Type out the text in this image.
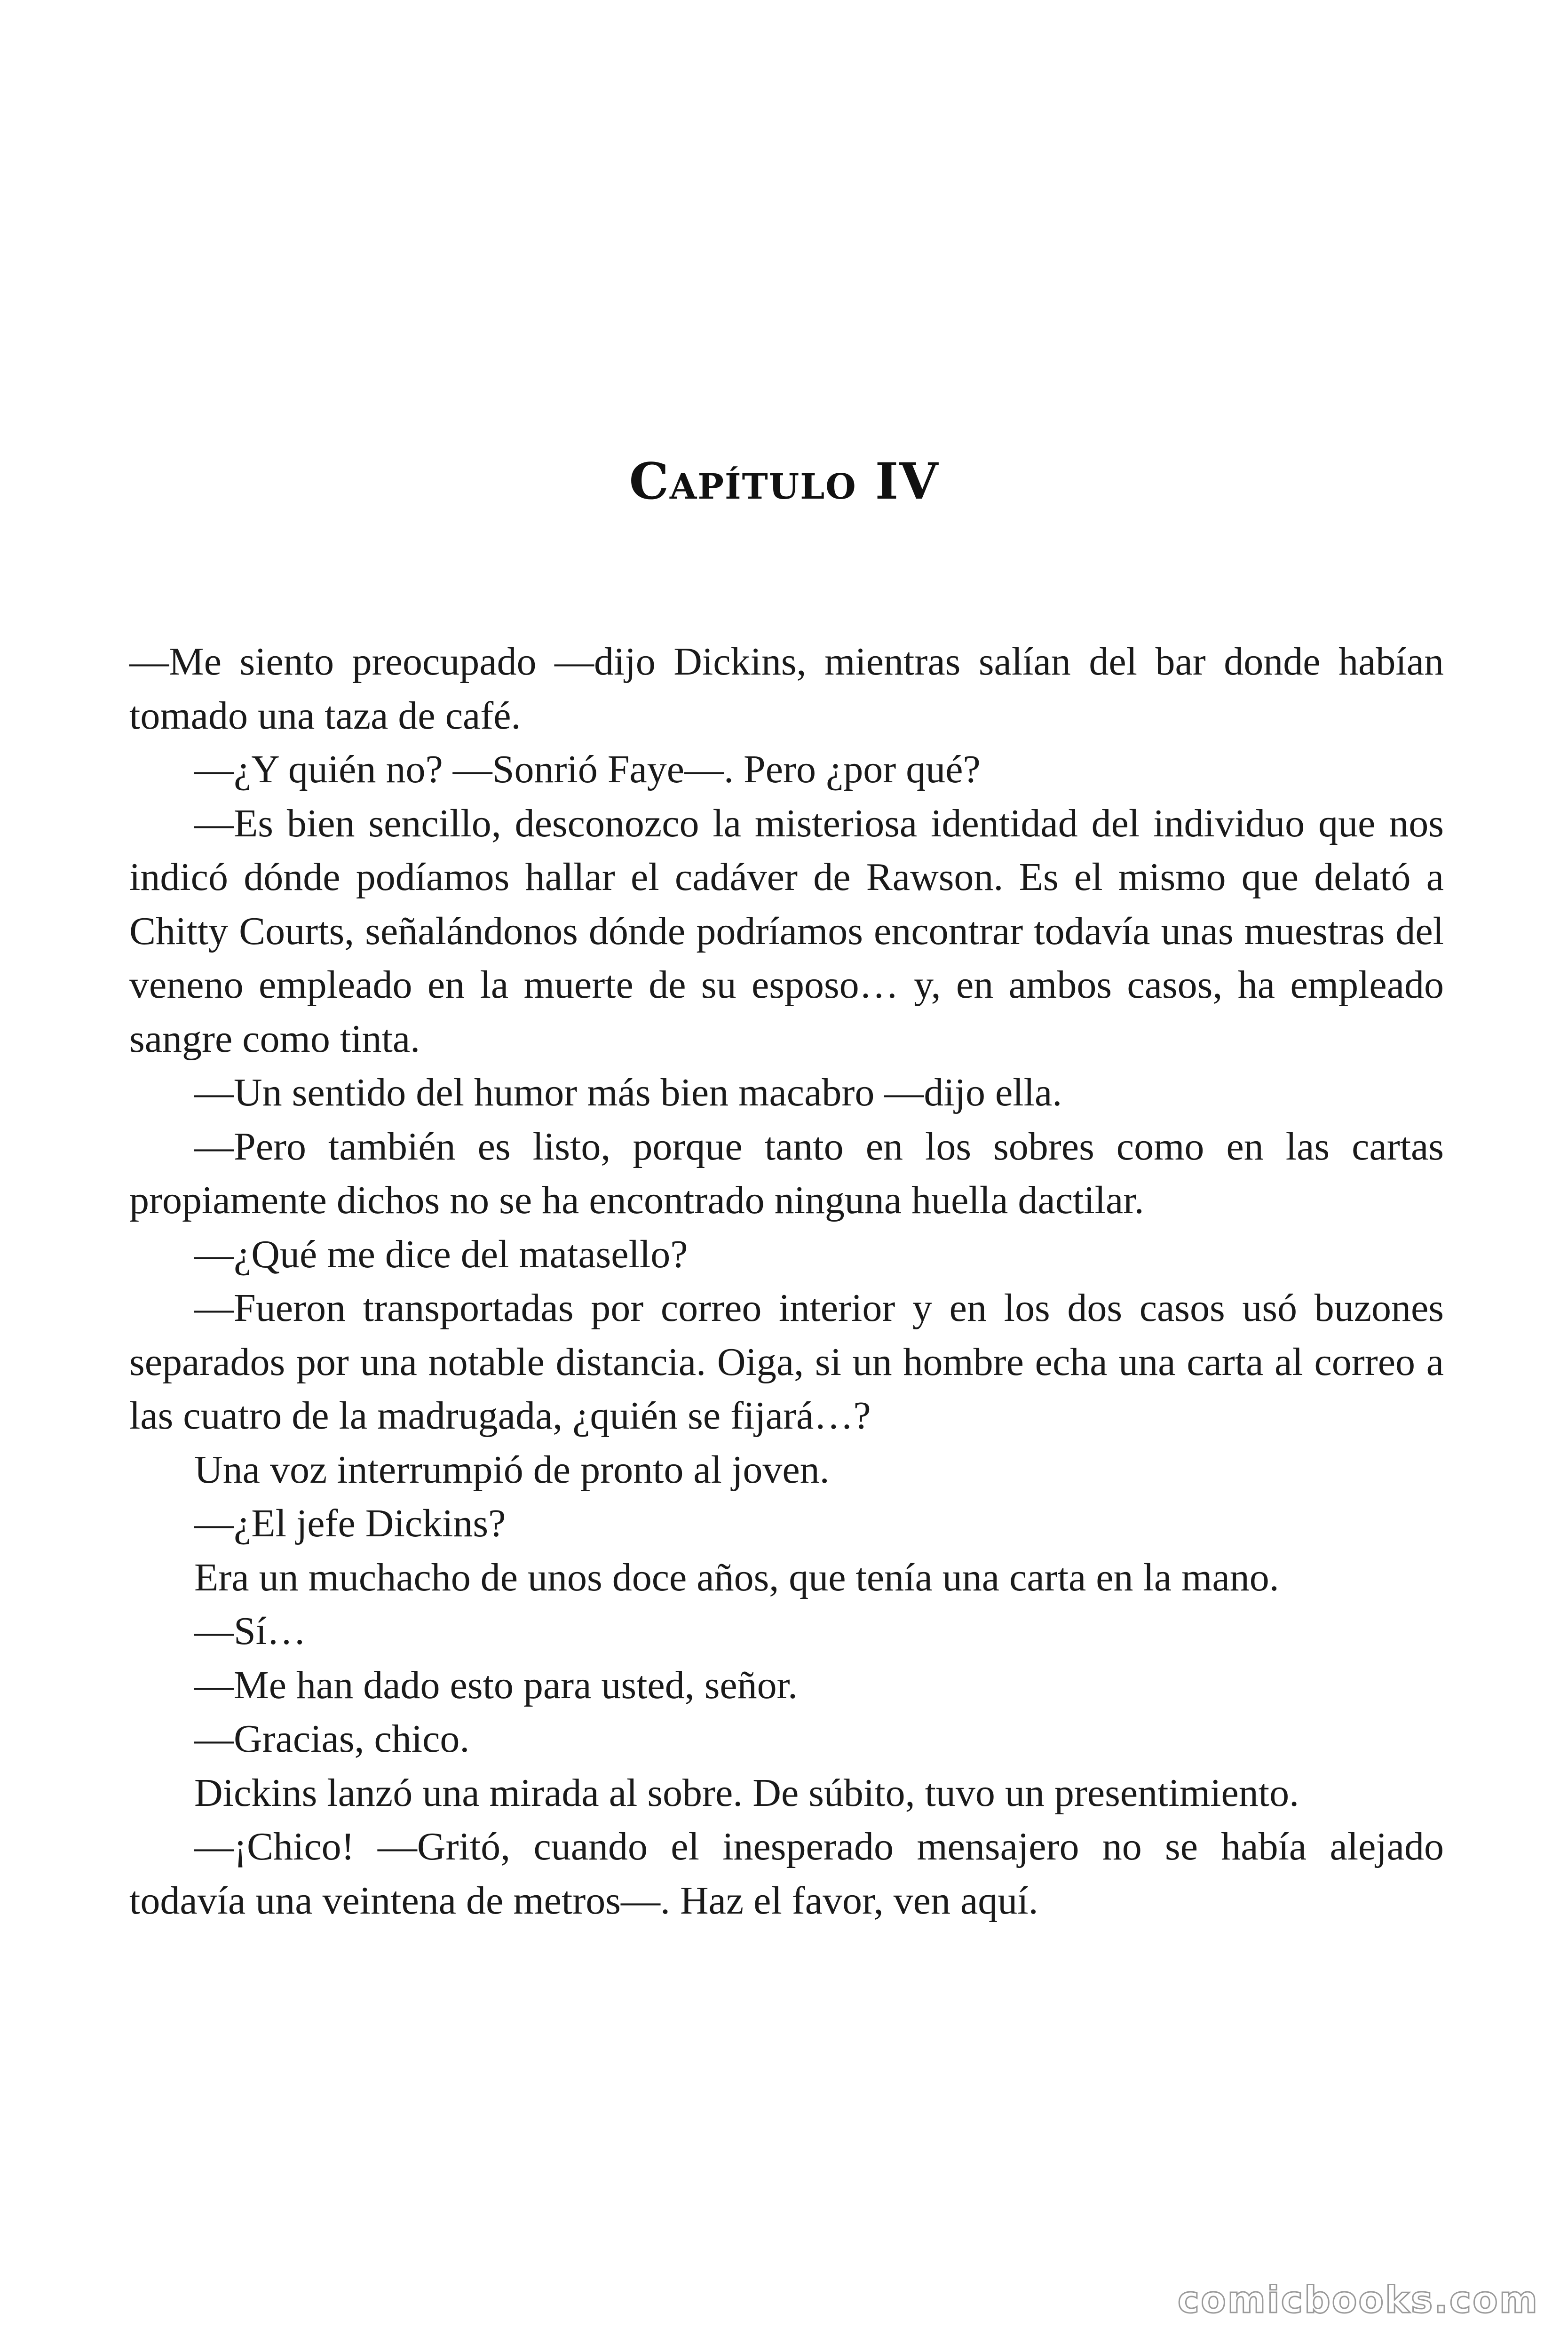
Capítulo IV

—Me siento preocupado —dijo Dickins, mientras salían del bar donde habían tomado una taza de café.

—¿Y quién no? —Sonrió Faye—. Pero ¿por qué?

—Es bien sencillo, desconozco la misteriosa identidad del individuo que nos indicó dónde podíamos hallar el cadáver de Rawson. Es el mismo que delató a Chitty Courts, señalándonos dónde podríamos encontrar todavía unas muestras del veneno empleado en la muerte de su esposo… y, en ambos casos, ha empleado sangre como tinta.

—Un sentido del humor más bien macabro —dijo ella.

—Pero también es listo, porque tanto en los sobres como en las cartas propiamente dichos no se ha encontrado ninguna huella dactilar.

—¿Qué me dice del matasello?

—Fueron transportadas por correo interior y en los dos casos usó buzones separados por una notable distancia. Oiga, si un hombre echa una carta al correo a las cuatro de la madrugada, ¿quién se fijará…?

Una voz interrumpió de pronto al joven.

—¿El jefe Dickins?

Era un muchacho de unos doce años, que tenía una carta en la mano.

—Sí…

—Me han dado esto para usted, señor.

—Gracias, chico.

Dickins lanzó una mirada al sobre. De súbito, tuvo un presentimiento.

—¡Chico! —Gritó, cuando el inesperado mensajero no se había alejado todavía una veintena de metros—. Haz el favor, ven aquí.

comicbooks.com
